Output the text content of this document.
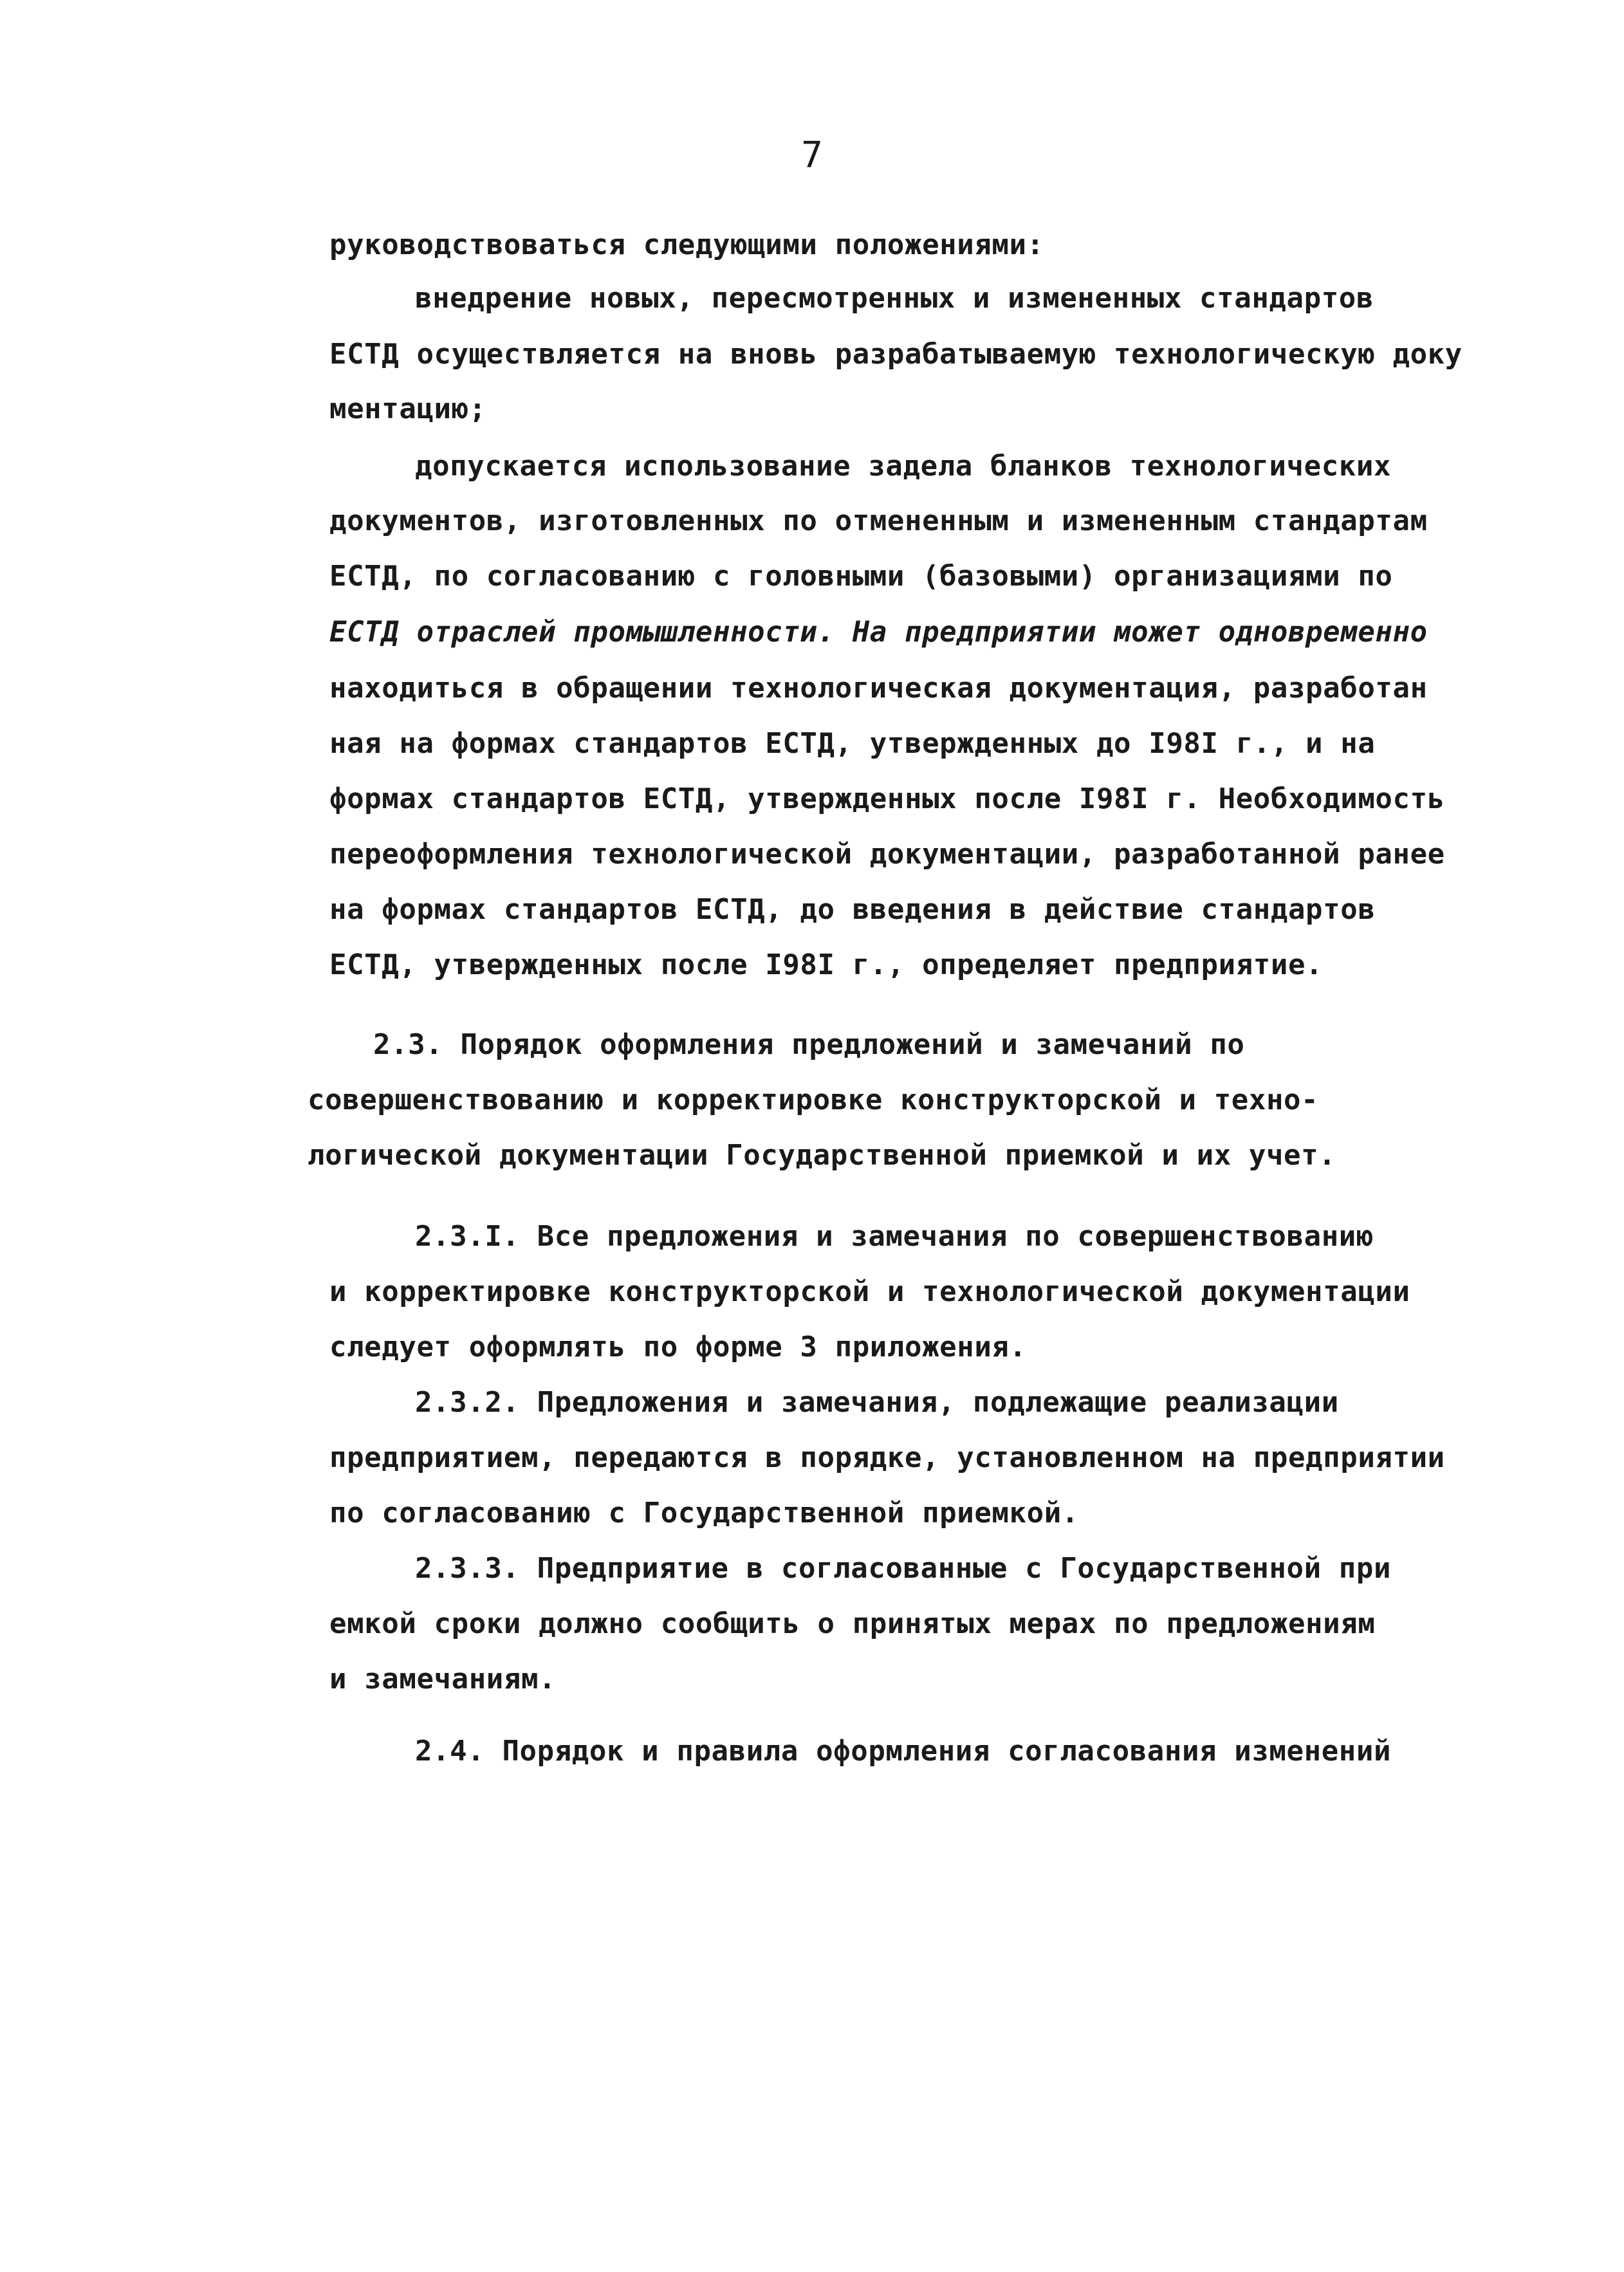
7
руководствоваться следующими положениями:
внедрение новых, пересмотренных и измененных стандартов
ЕСТД осуществляется на вновь разрабатываемую технологическую доку
ментацию;
допускается использование задела бланков технологических
документов, изготовленных по отмененным и измененным стандартам
ЕСТД, по согласованию с головными (базовыми) организациями по
ЕСТД отраслей промышленности. На предприятии может одновременно
находиться в обращении технологическая документация, разработан
ная на формах стандартов ЕСТД, утвержденных до I98I г., и на
формах стандартов ЕСТД, утвержденных после I98I г. Необходимость
переоформления технологической документации, разработанной ранее
на формах стандартов ЕСТД, до введения в действие стандартов
ЕСТД, утвержденных после I98I г., определяет предприятие.
2.3. Порядок оформления предложений и замечаний по
совершенствованию и корректировке конструкторской и техно-
логической документации Государственной приемкой и их учет.
2.3.I. Все предложения и замечания по совершенствованию
и корректировке конструкторской и технологической документации
следует оформлять по форме 3 приложения.
2.3.2. Предложения и замечания, подлежащие реализации
предприятием, передаются в порядке, установленном на предприятии
по согласованию с Государственной приемкой.
2.3.3. Предприятие в согласованные с Государственной при
емкой сроки должно сообщить о принятых мерах по предложениям
и замечаниям.
2.4. Порядок и правила оформления согласования изменений
